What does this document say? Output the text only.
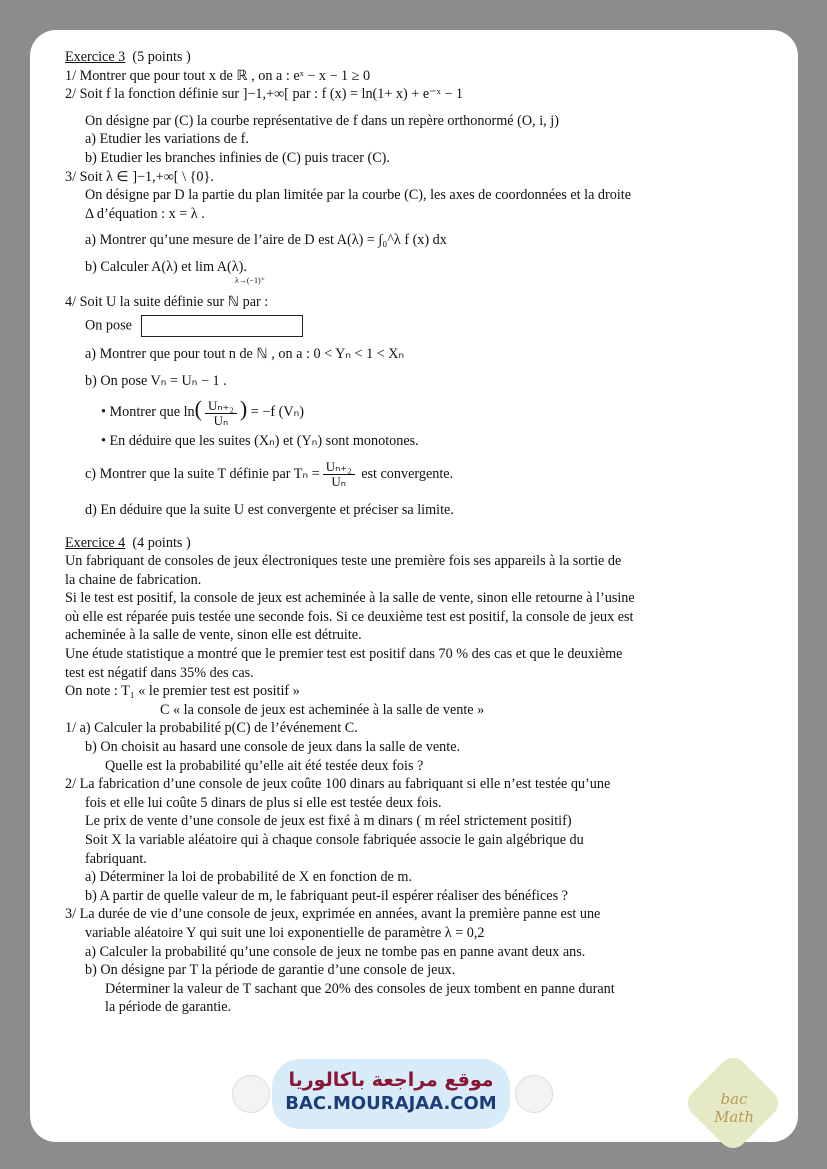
Exercice 3 (5 points )
1/ Montrer que pour tout x de ℝ , on a : eˣ − x − 1 ≥ 0
2/ Soit f la fonction définie sur ]−1,+∞[ par : f (x) = ln(1+ x) + e⁻ˣ − 1
On désigne par (C) la courbe représentative de f dans un repère orthonormé (O, i, j)
a) Etudier les variations de f.
b) Etudier les branches infinies de (C) puis tracer (C).
3/ Soit λ ∈ ]−1,+∞[ \ {0}.
On désigne par D la partie du plan limitée par la courbe (C), les axes de coordonnées et la droite
Δ d’équation : x = λ .
a) Montrer qu’une mesure de l’aire de D est A(λ) = ∫₀^λ f (x) dx
b) Calculer A(λ) et lim A(λ).
λ→(−1)⁺
4/ Soit U la suite définie sur ℕ par :
On pose
a) Montrer que pour tout n de ℕ , on a : 0 < Yₙ < 1 < Xₙ
b) On pose Vₙ = Uₙ − 1 .
• Montrer que $\ln( \frac{\text{Uₙ₊₂}}{\text{Uₙ}}$ ) = −f (Vₙ)
• En déduire que les suites (Xₙ) et (Yₙ) sont monotones.
c) Montrer que la suite T définie par $T_n = \frac{\text{Uₙ₊₂}}{\text{Uₙ}}$ est convergente.
d) En déduire que la suite U est convergente et préciser sa limite.
Exercice 4 (4 points )
Un fabriquant de consoles de jeux électroniques teste une première fois ses appareils à la sortie de
la chaine de fabrication.
Si le test est positif, la console de jeux est acheminée à la salle de vente, sinon elle retourne à l’usine
où elle est réparée puis testée une seconde fois. Si ce deuxième test est positif, la console de jeux est
acheminée à la salle de vente, sinon elle est détruite.
Une étude statistique a montré que le premier test est positif dans 70 % des cas et que le deuxième
test est négatif dans 35% des cas.
On note : T₁ « le premier test est positif »
C « la console de jeux est acheminée à la salle de vente »
1/ a) Calculer la probabilité p(C) de l’événement C.
b) On choisit au hasard une console de jeux dans la salle de vente.
Quelle est la probabilité qu’elle ait été testée deux fois ?
2/ La fabrication d’une console de jeux coûte 100 dinars au fabriquant si elle n’est testée qu’une
fois et elle lui coûte 5 dinars de plus si elle est testée deux fois.
Le prix de vente d’une console de jeux est fixé à m dinars ( m réel strictement positif)
Soit X la variable aléatoire qui à chaque console fabriquée associe le gain algébrique du
fabriquant.
a) Déterminer la loi de probabilité de X en fonction de m.
b) A partir de quelle valeur de m, le fabriquant peut-il espérer réaliser des bénéfices ?
3/ La durée de vie d’une console de jeux, exprimée en années, avant la première panne est une
variable aléatoire Y qui suit une loi exponentielle de paramètre λ = 0,2
a) Calculer la probabilité qu’une console de jeux ne tombe pas en panne avant deux ans.
b) On désigne par T la période de garantie d’une console de jeux.
Déterminer la valeur de T sachant que 20% des consoles de jeux tombent en panne durant
la période de garantie.
موقع مراجعة باكالوريا
BAC.MOURAJAA.COM	bac Math
